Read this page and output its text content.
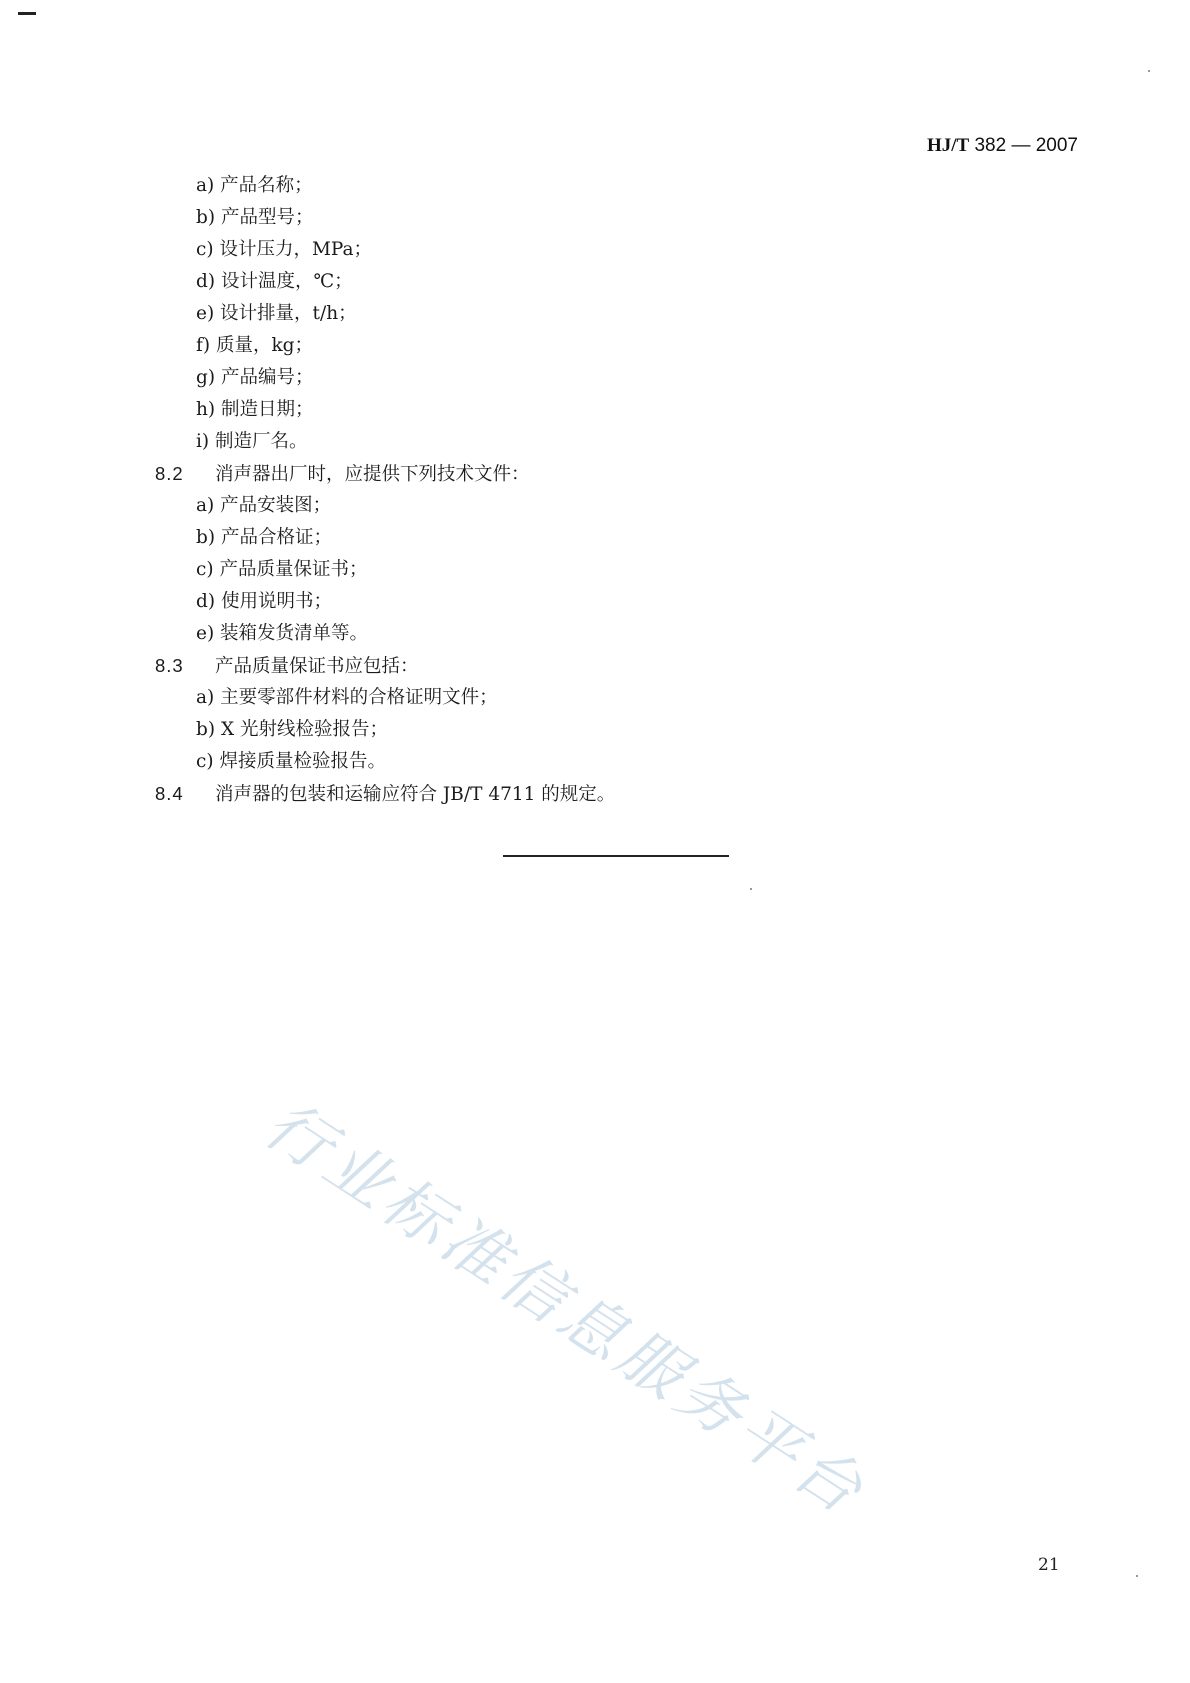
HJ/T 382 — 2007
a) 产品名称；
b) 产品型号；
c) 设计压力，MPa；
d) 设计温度，℃；
e) 设计排量，t/h；
f) 质量，kg；
g) 产品编号；
h) 制造日期；
i) 制造厂名。
8.2 消声器出厂时，应提供下列技术文件：
a) 产品安装图；
b) 产品合格证；
c) 产品质量保证书；
d) 使用说明书；
e) 装箱发货清单等。
8.3 产品质量保证书应包括：
a) 主要零部件材料的合格证明文件；
b) X 光射线检验报告；
c) 焊接质量检验报告。
8.4 消声器的包装和运输应符合 JB/T 4711 的规定。
行业标准信息服务平台
21
